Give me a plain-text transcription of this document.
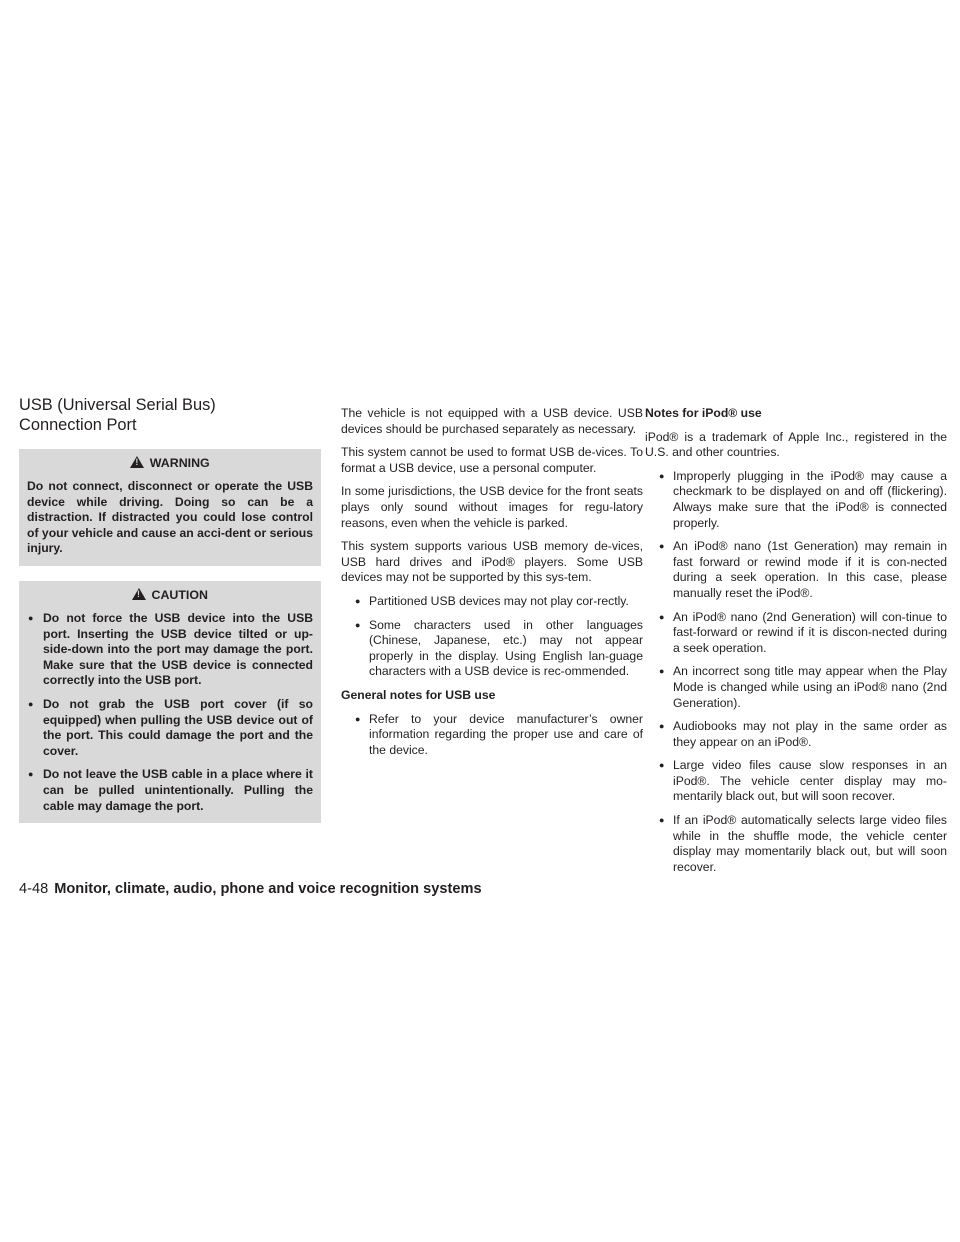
USB (Universal Serial Bus)
Connection Port
! WARNING

Do not connect, disconnect or operate the USB device while driving. Doing so can be a distraction. If distracted you could lose control of your vehicle and cause an acci-dent or serious injury.

! CAUTION
● Do not force the USB device into the USB port. Inserting the USB device tilted or up-side-down into the port may damage the port. Make sure that the USB device is connected correctly into the USB port.
● Do not grab the USB port cover (if so equipped) when pulling the USB device out of the port. This could damage the port and the cover.
● Do not leave the USB cable in a place where it can be pulled unintentionally. Pulling the cable may damage the port.

The vehicle is not equipped with a USB device. USB devices should be purchased separately as necessary.

This system cannot be used to format USB de-vices. To format a USB device, use a personal computer.

In some jurisdictions, the USB device for the front seats plays only sound without images for regu-latory reasons, even when the vehicle is parked.

This system supports various USB memory de-vices, USB hard drives and iPod® players. Some USB devices may not be supported by this sys-tem.

● Partitioned USB devices may not play cor-rectly.
● Some characters used in other languages (Chinese, Japanese, etc.) may not appear properly in the display. Using English lan-guage characters with a USB device is rec-ommended.
General notes for USB use
● Refer to your device manufacturer’s owner information regarding the proper use and care of the device.
Notes for iPod® use

iPod® is a trademark of Apple Inc., registered in the U.S. and other countries.

● Improperly plugging in the iPod® may cause a checkmark to be displayed on and off (flickering). Always make sure that the iPod® is connected properly.
● An iPod® nano (1st Generation) may remain in fast forward or rewind mode if it is con-nected during a seek operation. In this case, please manually reset the iPod®.
● An iPod® nano (2nd Generation) will con-tinue to fast-forward or rewind if it is discon-nected during a seek operation.
● An incorrect song title may appear when the Play Mode is changed while using an iPod® nano (2nd Generation).
● Audiobooks may not play in the same order as they appear on an iPod®.
● Large video files cause slow responses in an iPod®. The vehicle center display may mo-mentarily black out, but will soon recover.
● If an iPod® automatically selects large video files while in the shuffle mode, the vehicle center display may momentarily black out, but will soon recover.
4-48 Monitor, climate, audio, phone and voice recognition systems
